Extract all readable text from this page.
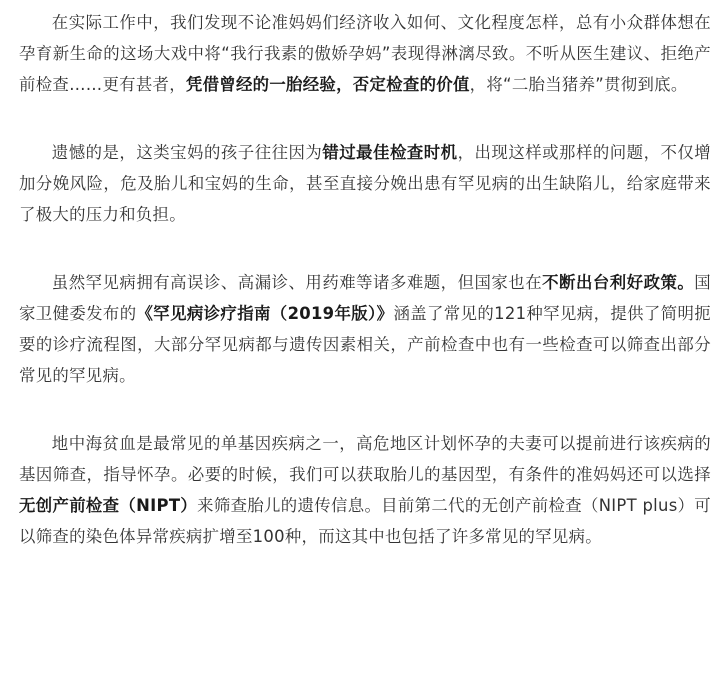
在实际工作中，我们发现不论准妈妈们经济收入如何、文化程度怎样，总有小众群体想在孕育新生命的这场大戏中将“我行我素的傲娇孕妈”表现得淋漓尽致。不听从医生建议、拒绝产前检查……更有甚者，凭借曾经的一胎经验，否定检查的价值，将“二胎当猪养”贯彻到底。

遗憾的是，这类宝妈的孩子往往因为错过最佳检查时机，出现这样或那样的问题，不仅增加分娩风险，危及胎儿和宝妈的生命，甚至直接分娩出患有罕见病的出生缺陷儿，给家庭带来了极大的压力和负担。

虽然罕见病拥有高误诊、高漏诊、用药难等诸多难题，但国家也在不断出台利好政策。国家卫健委发布的《罕见病诊疗指南（2019年版）》涵盖了常见的121种罕见病，提供了简明扼要的诊疗流程图，大部分罕见病都与遗传因素相关，产前检查中也有一些检查可以筛查出部分常见的罕见病。

地中海贫血是最常见的单基因疾病之一，高危地区计划怀孕的夫妻可以提前进行该疾病的基因筛查，指导怀孕。必要的时候，我们可以获取胎儿的基因型，有条件的准妈妈还可以选择无创产前检查（NIPT）来筛查胎儿的遗传信息。目前第二代的无创产前检查（NIPT plus）可以筛查的染色体异常疾病扩增至100种，而这其中也包括了许多常见的罕见病。
